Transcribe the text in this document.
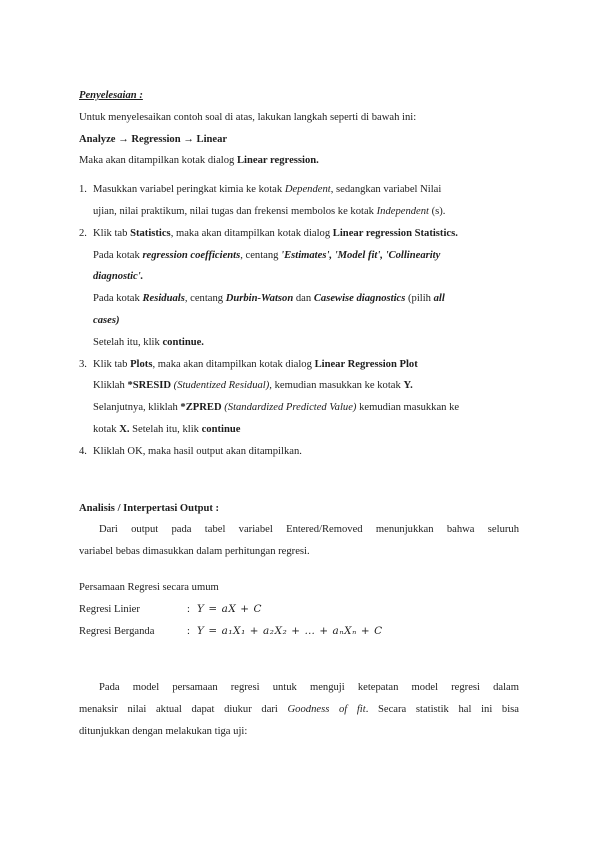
Penyelesaian :
Untuk menyelesaikan contoh soal di atas, lakukan langkah seperti di bawah ini:
Analyze → Regression → Linear
Maka akan ditampilkan kotak dialog Linear regression.
1. Masukkan variabel peringkat kimia ke kotak Dependent, sedangkan variabel Nilai
ujian, nilai praktikum, nilai tugas dan frekensi membolos ke kotak Independent (s).
2. Klik tab Statistics, maka akan ditampilkan kotak dialog Linear regression Statistics.
Pada kotak regression coefficients, centang 'Estimates', 'Model fit', 'Collinearity
diagnostic'.
Pada kotak Residuals, centang Durbin-Watson dan Casewise diagnostics (pilih all
cases)
Setelah itu, klik continue.
3. Klik tab Plots, maka akan ditampilkan kotak dialog Linear Regression Plot
Kliklah *SRESID (Studentized Residual), kemudian masukkan ke kotak Y.
Selanjutnya, kliklah *ZPRED (Standardized Predicted Value) kemudian masukkan ke
kotak X. Setelah itu, klik continue
4. Kliklah OK, maka hasil output akan ditampilkan.
Analisis / Interpertasi Output :
Dari output pada tabel variabel Entered/Removed menunjukkan bahwa seluruh
variabel bebas dimasukkan dalam perhitungan regresi.
Persamaan Regresi secara umum
Regresi Linier	: Y = aX + C
Regresi Berganda	: Y = a₁X₁ + a₂X₂ + … + aₙXₙ + C
Pada model persamaan regresi untuk menguji ketepatan model regresi dalam
menaksir nilai aktual dapat diukur dari Goodness of fit. Secara statistik hal ini bisa
ditunjukkan dengan melakukan tiga uji:
